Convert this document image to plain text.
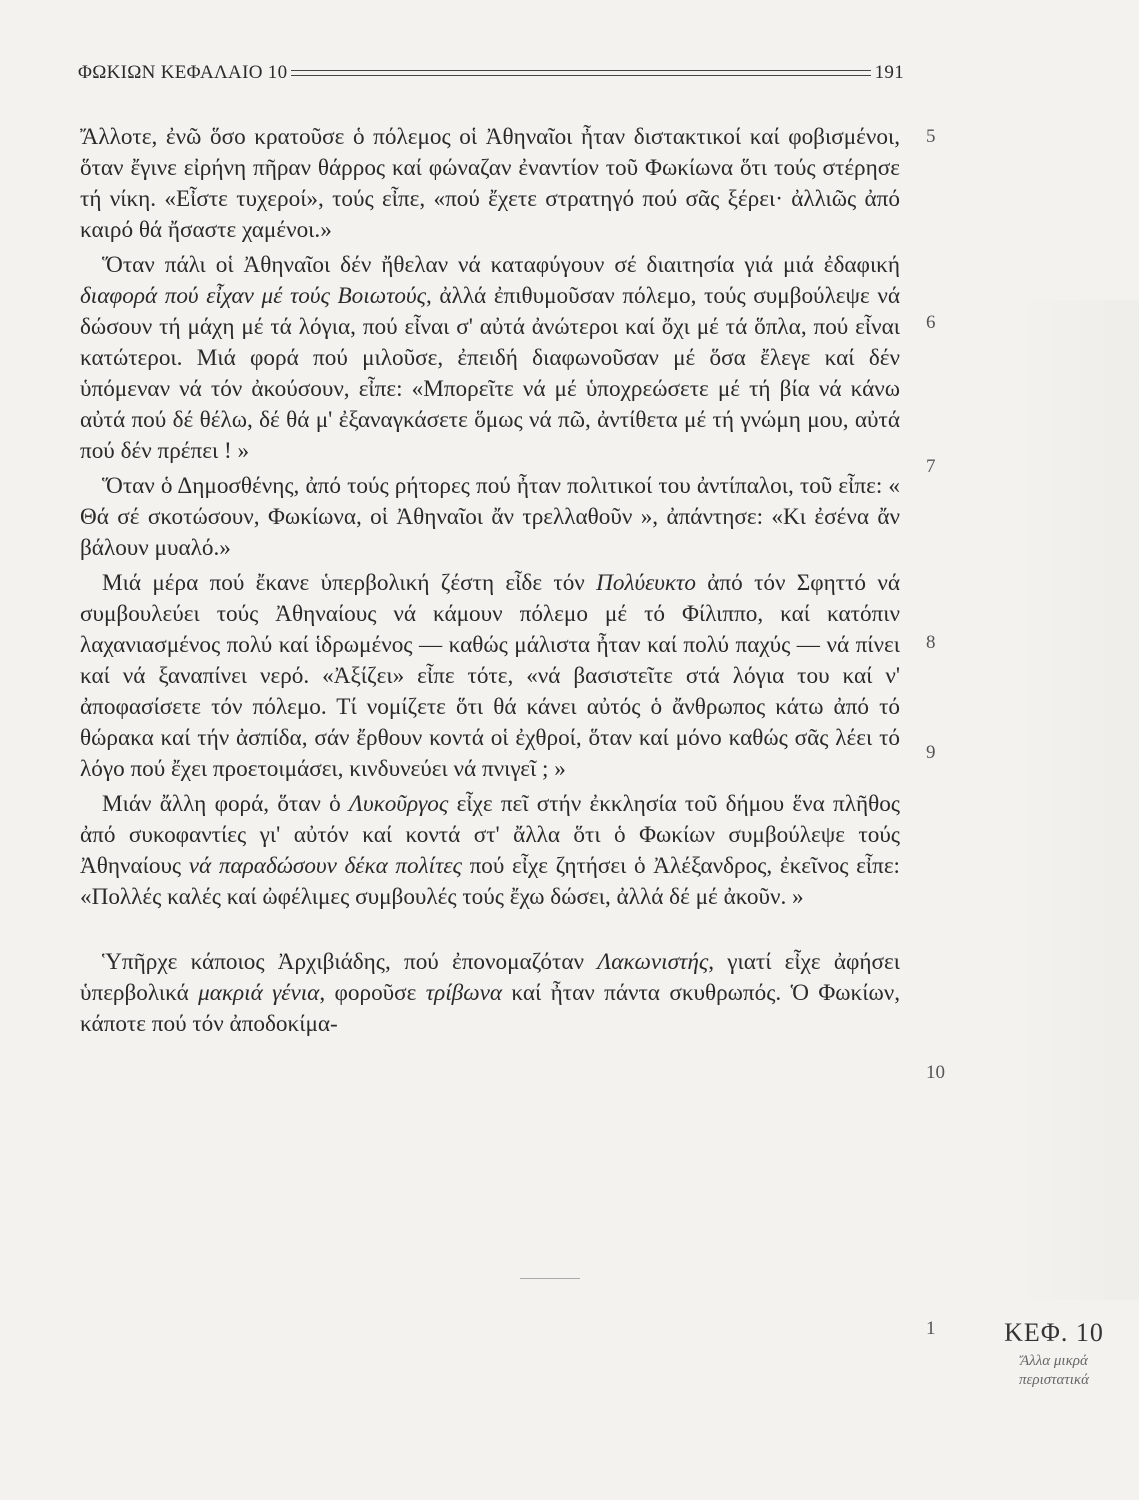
ΦΩΚΙΩΝ ΚΕΦΑΛΑΙΟ 10	191

Ἄλλοτε, ἐνῶ ὅσο κρατοῦσε ὁ πόλεμος οἱ Ἀθηναῖοι ἦταν διστακτικοί καί φοβισμένοι, ὅταν ἔγινε εἰρήνη πῆραν θάρρος καί φώναζαν ἐναντίον τοῦ Φωκίωνα ὅτι τούς στέρησε τή νίκη. «Εἶστε τυχεροί», τούς εἶπε, «πού ἔχετε στρατηγό πού σᾶς ξέρει· ἀλλιῶς ἀπό καιρό θά ἤσαστε χαμένοι.»

Ὅταν πάλι οἱ Ἀθηναῖοι δέν ἤθελαν νά καταφύγουν σέ διαιτησία γιά μιά ἐδαφική διαφορά πού εἶχαν μέ τούς Βοιωτούς, ἀλλά ἐπιθυμοῦσαν πόλεμο, τούς συμβούλεψε νά δώσουν τή μάχη μέ τά λόγια, πού εἶναι σ' αὐτά ἀνώτεροι καί ὄχι μέ τά ὅπλα, πού εἶναι κατώτεροι. Μιά φορά πού μιλοῦσε, ἐπειδή διαφωνοῦσαν μέ ὅσα ἔλεγε καί δέν ὑπόμεναν νά τόν ἀκούσουν, εἶπε: «Μπορεῖτε νά μέ ὑποχρεώσετε μέ τή βία νά κάνω αὐτά πού δέ θέλω, δέ θά μ' ἐξαναγκάσετε ὅμως νά πῶ, ἀντίθετα μέ τή γνώμη μου, αὐτά πού δέν πρέπει ! »

Ὅταν ὁ Δημοσθένης, ἀπό τούς ρήτορες πού ἦταν πολιτικοί του ἀντίπαλοι, τοῦ εἶπε: « Θά σέ σκοτώσουν, Φωκίωνα, οἱ Ἀθηναῖοι ἄν τρελλαθοῦν », ἀπάντησε: «Κι ἐσένα ἄν βάλουν μυαλό.»

Μιά μέρα πού ἔκανε ὑπερβολική ζέστη εἶδε τόν Πολύευκτο ἀπό τόν Σφηττό νά συμβουλεύει τούς Ἀθηναίους νά κάμουν πόλεμο μέ τό Φίλιππο, καί κατόπιν λαχανιασμένος πολύ καί ἱδρωμένος — καθώς μάλιστα ἦταν καί πολύ παχύς — νά πίνει καί νά ξαναπίνει νερό. «Ἀξίζει» εἶπε τότε, «νά βασιστεῖτε στά λόγια του καί ν' ἀποφασίσετε τόν πόλεμο. Τί νομίζετε ὅτι θά κάνει αὐτός ὁ ἄνθρωπος κάτω ἀπό τό θώρακα καί τήν ἀσπίδα, σάν ἔρθουν κοντά οἱ ἐχθροί, ὅταν καί μόνο καθώς σᾶς λέει τό λόγο πού ἔχει προετοιμάσει, κινδυνεύει νά πνιγεῖ ; »

Μιάν ἄλλη φορά, ὅταν ὁ Λυκοῦργος εἶχε πεῖ στήν ἐκκλησία τοῦ δήμου ἕνα πλῆθος ἀπό συκοφαντίες γι' αὐτόν καί κοντά στ' ἄλλα ὅτι ὁ Φωκίων συμβούλεψε τούς Ἀθηναίους νά παραδώσουν δέκα πολίτες πού εἶχε ζητήσει ὁ Ἀλέξανδρος, ἐκεῖνος εἶπε: «Πολλές καλές καί ὠφέλιμες συμβουλές τούς ἔχω δώσει, ἀλλά δέ μέ ἀκοῦν. »

Ὑπῆρχε κάποιος Ἀρχιβιάδης, πού ἐπονομαζόταν Λακωνιστής, γιατί εἶχε ἀφήσει ὑπερβολικά μακριά γένια, φοροῦσε τρίβωνα καί ἦταν πάντα σκυθρωπός. Ὁ Φωκίων, κάποτε πού τόν ἀποδοκίμα-

5
6
7
8
9
10
1	ΚΕΦ. 10
Ἄλλα μικρά περιστατικά
